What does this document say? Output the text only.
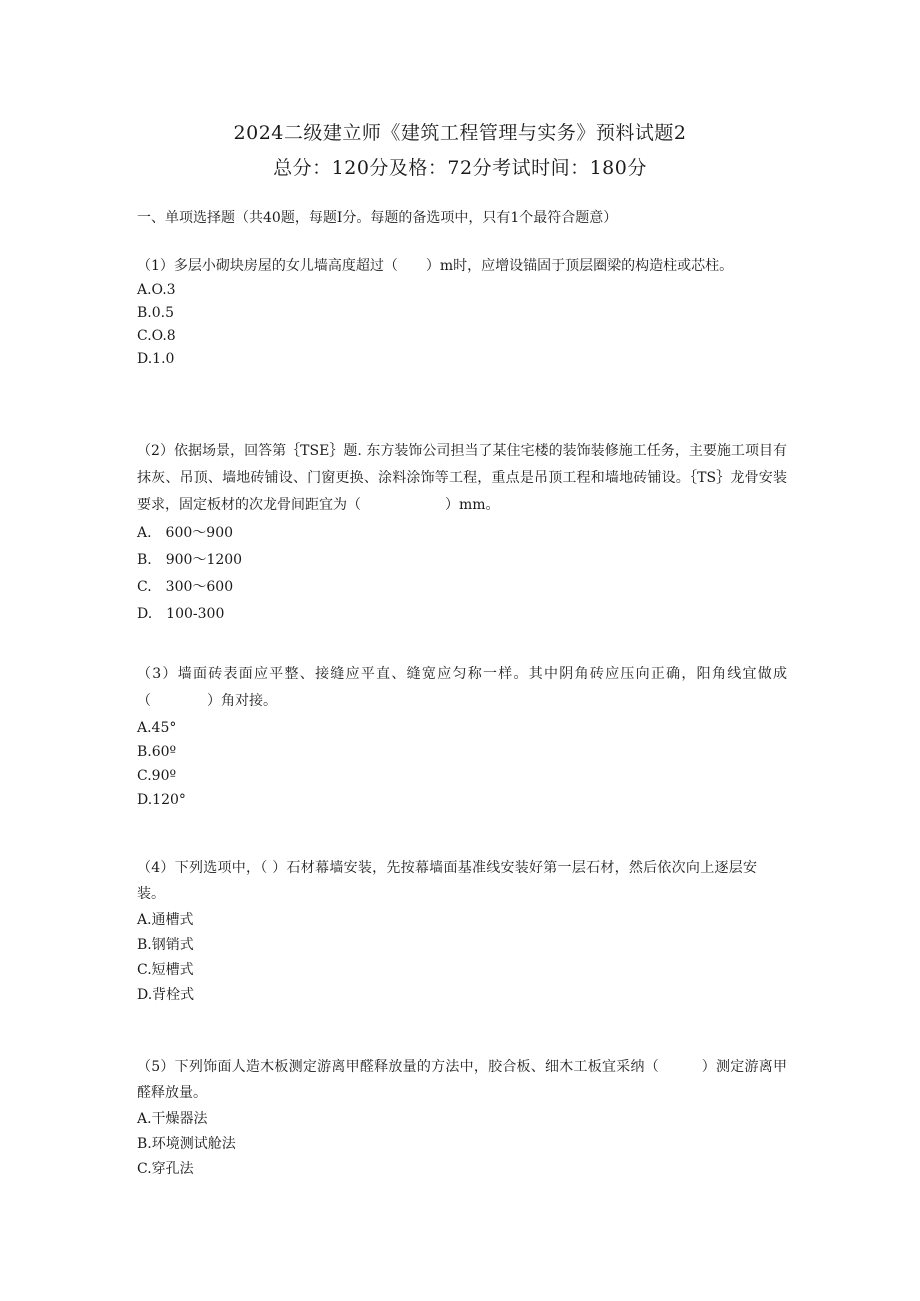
2024二级建立师《建筑工程管理与实务》预料试题2
总分：120分及格：72分考试时间：180分
一、单项选择题（共40题，每题I分。每题的备选项中，只有1个最符合题意）
（1）多层小砌块房屋的女儿墙高度超过（　　）m时，应增设锚固于顶层圈梁的构造柱或芯柱。
A.O.3
B.0.5
C.O.8
D.1.0
（2）依据场景，回答第｛TSE｝题. 东方装饰公司担当了某住宅楼的装饰装修施工任务，主要施工项目有抹灰、吊顶、墙地砖铺设、门窗更换、涂料涂饰等工程，重点是吊顶工程和墙地砖铺设。｛TS｝龙骨安装要求，固定板材的次龙骨间距宜为（　　　　　　）mm。
A.　600～900
B.　900～1200
C.　300～600
D.　100-300
（3）墙面砖表面应平整、接缝应平直、缝宽应匀称一样。其中阴角砖应压向正确，阳角线宜做成（　　　　）角对接。
A.45°
B.60º
C.90º
D.120°
（4）下列选项中，（ ）石材幕墙安装，先按幕墙面基准线安装好第一层石材，然后依次向上逐层安装。
A.通槽式
B.钢销式
C.短槽式
D.背栓式
（5）下列饰面人造木板测定游离甲醛释放量的方法中，胶合板、细木工板宜采纳（　　　）测定游离甲醛释放量。
A.干燥器法
B.环境测试舱法
C.穿孔法
